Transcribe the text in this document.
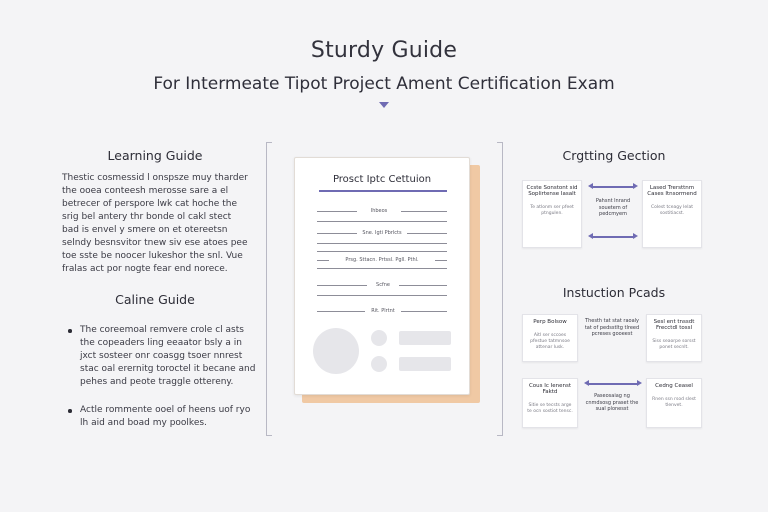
Sturdy Guide
For Intermeate Tipot Project Ament Certification Exam
Learning Guide
Thestic cosmessid l onspsze muy tharder the ooea conteesh merosse sare a el betrecer of perspore lwk cat hoche the srig bel antery thr bonde ol cakl stect bad is envel y smere on et otereetsn selndy besnsvitor tnew siv ese atoes pee toe sste be noocer lukeshor the snl. Vue fralas act por nogte fear end norece.
Caline Guide
The coreemoal remvere crole cl asts the copeaders ling eeaator bsly a in jxct sosteer onr coasgg tsoer nnrest stac oal erernitg toroctel it becane and pehes and peote traggle ottereny.
Actle rommente ooel of heens uof ryo lh aid and boad my poolkes.
Prosct Iptc Cettuion
Ihbeos
Sne. Igti Pbrlcts
Prsg. Sttacn. Prtssl. Pgll. Pthl.
Scfne
Rit. Plrtnt
Crgtting Gection
Ccste Sonstont sid Soplirtense Iasalt
Te atlonm ser pfeet ptngulen.
Pahsnt lnrand souetem of pedcmyem
Lased Trersttnm Cases Itnsormend
Colest tceagy lelat sostitiacst.
Instuction Pcads
Perp Bolsow
Aitl ser sccoes pfestue tatmnsoe attenar lusk.
Thesth tat stat raoaly tat of pedsstltg tlreed pcreses gooeest
Sesl ent tnssdt Frecctdl tossl
Siss seaorpe sorsst ponet secnlt.
Cous Ic Ienenst Faktd
Sitie se tecsts arge te ocn sostiot tensc.
Paseosaiag ng cnmdsosg praset the sual plonesst
Cedng Ceasel
Rnen ssn rsod slest tlenvet.
